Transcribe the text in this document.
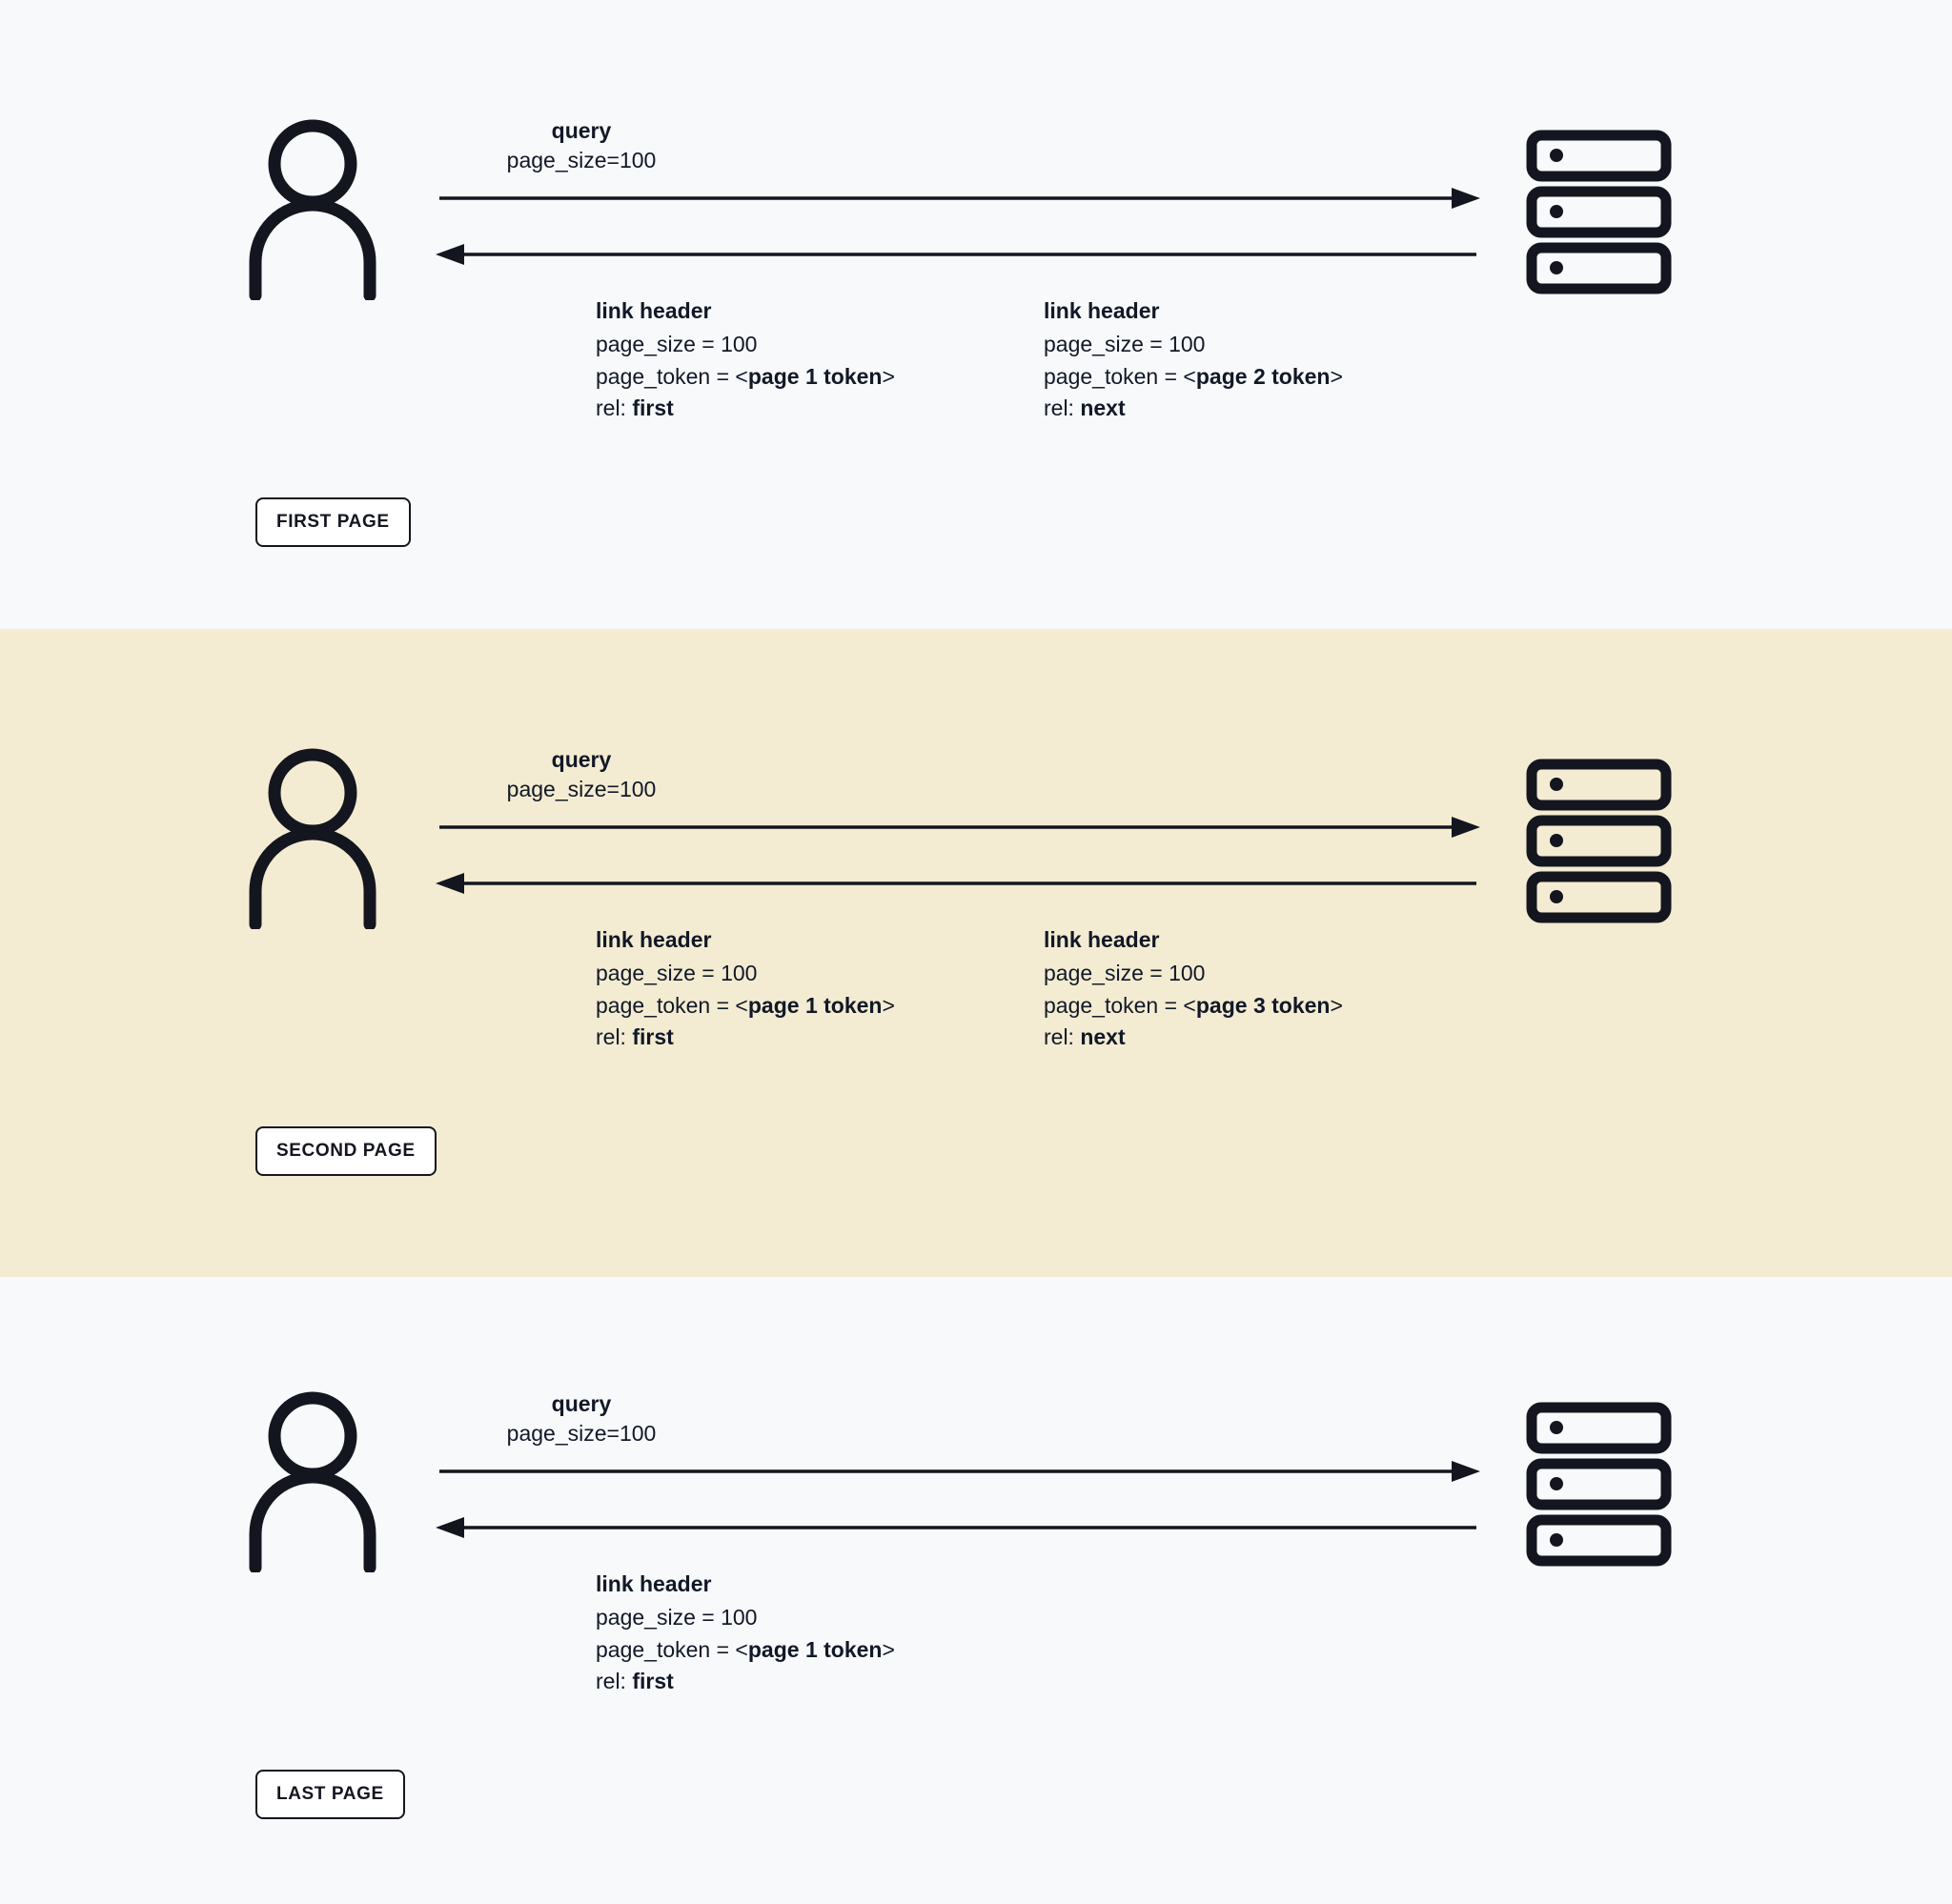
query
page_size=100
link header
page_size = 100
page_token = <page 1 token>
rel: first
link header
page_size = 100
page_token = <page 2 token>
rel: next
FIRST PAGE
query
page_size=100
link header
page_size = 100
page_token = <page 1 token>
rel: first
link header
page_size = 100
page_token = <page 3 token>
rel: next
SECOND PAGE
query
page_size=100
link header
page_size = 100
page_token = <page 1 token>
rel: first
LAST PAGE
